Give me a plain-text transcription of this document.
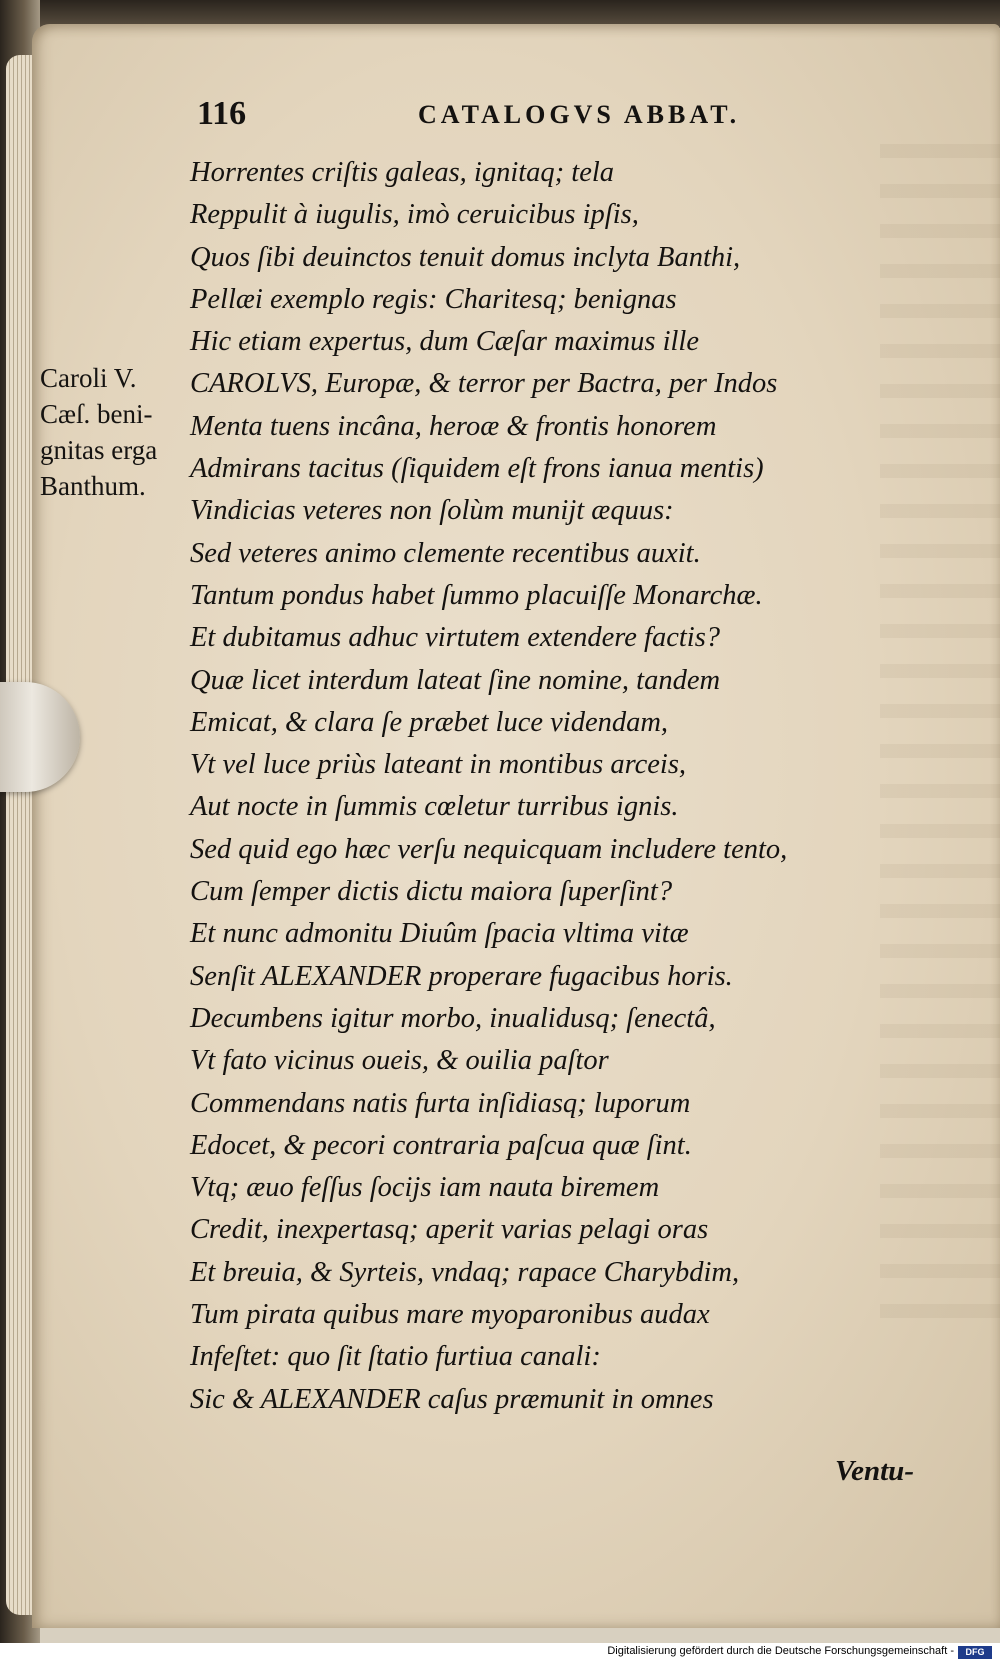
116	CATALOGVS ABBAT.
Caroli V.
Cæſ. beni-
gnitas erga
Banthum.
Horrentes criſtis galeas, ignitaq; tela
Reppulit à iugulis, imò ceruicibus ipſis,
Quos ſibi deuinctos tenuit domus inclyta Banthi,
Pellæi exemplo regis: Charitesq; benignas
Hic etiam expertus, dum Cæſar maximus ille
CAROLVS, Europæ, & terror per Bactra, per Indos
Menta tuens incâna, heroæ & frontis honorem
Admirans tacitus (ſiquidem eſt frons ianua mentis)
Vindicias veteres non ſolùm munijt æquus:
Sed veteres animo clemente recentibus auxit.
Tantum pondus habet ſummo placuiſſe Monarchæ.
Et dubitamus adhuc virtutem extendere factis?
Quæ licet interdum lateat ſine nomine, tandem
Emicat, & clara ſe præbet luce videndam,
Vt vel luce priùs lateant in montibus arceis,
Aut nocte in ſummis cœletur turribus ignis.
Sed quid ego hæc verſu nequicquam includere tento,
Cum ſemper dictis dictu maiora ſuperſint?
Et nunc admonitu Diuûm ſpacia vltima vitæ
Senſit ALEXANDER properare fugacibus horis.
Decumbens igitur morbo, inualidusq; ſenectâ,
Vt fato vicinus oueis, & ouilia paſtor
Commendans natis furta inſidiasq; luporum
Edocet, & pecori contraria paſcua quæ ſint.
Vtq; æuo feſſus ſocijs iam nauta biremem
Credit, inexpertasq; aperit varias pelagi oras
Et breuia, & Syrteis, vndaq; rapace Charybdim,
Tum pirata quibus mare myoparonibus audax
Infeſtet: quo ſit ſtatio furtiua canali:
Sic & ALEXANDER caſus præmunit in omnes
Ventu-
Digitalisierung gefördert durch die Deutsche Forschungsgemeinschaft -	DFG
